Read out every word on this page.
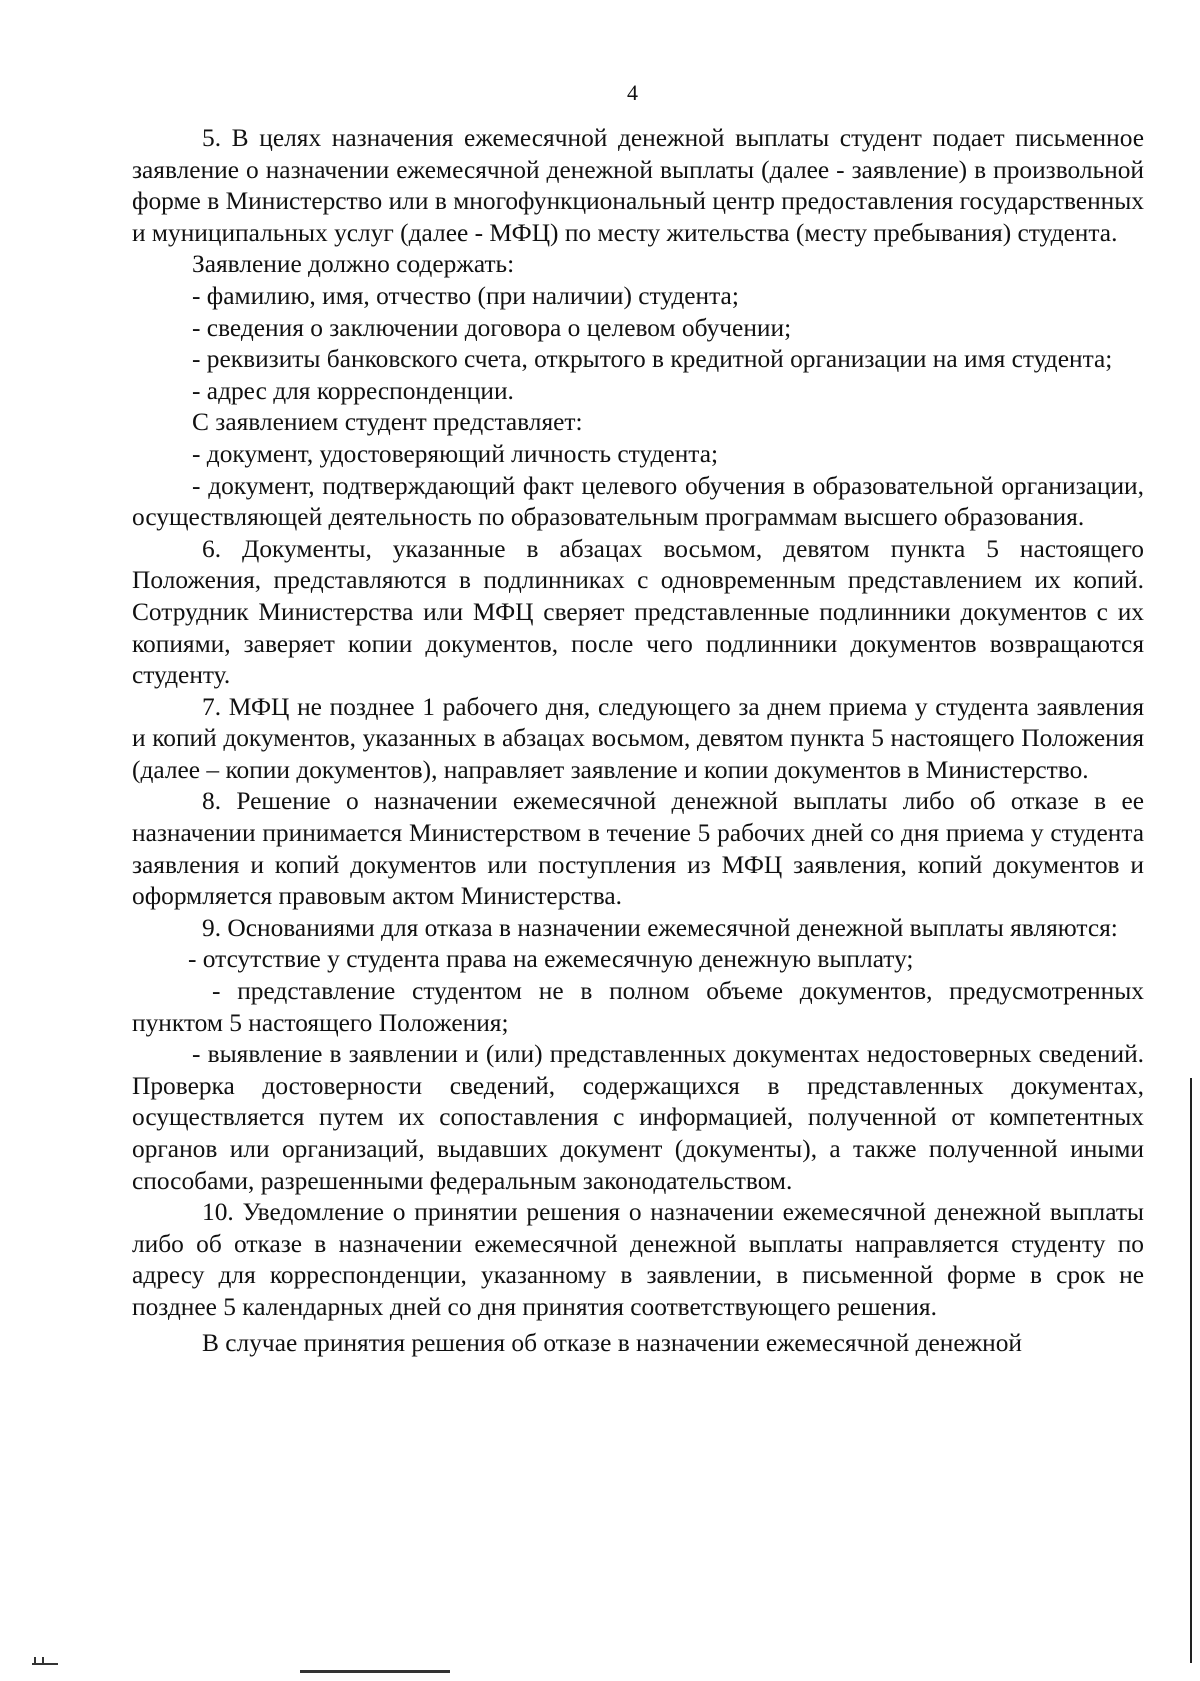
4

5. В целях назначения ежемесячной денежной выплаты студент подает письменное заявление о назначении ежемесячной денежной выплаты (далее - заявление) в произвольной форме в Министерство или в многофункциональный центр предоставления государственных и муниципальных услуг (далее - МФЦ) по месту жительства (месту пребывания) студента.

Заявление должно содержать:

- фамилию, имя, отчество (при наличии) студента;

- сведения о заключении договора о целевом обучении;

- реквизиты банковского счета, открытого в кредитной организации на имя студента;

- адрес для корреспонденции.

С заявлением студент представляет:

- документ, удостоверяющий личность студента;

- документ, подтверждающий факт целевого обучения в образовательной организации, осуществляющей деятельность по образовательным программам высшего образования.

6. Документы, указанные в абзацах восьмом, девятом пункта 5 настоящего Положения, представляются в подлинниках с одновременным представлением их копий. Сотрудник Министерства или МФЦ сверяет представленные подлинники документов с их копиями, заверяет копии документов, после чего подлинники документов возвращаются студенту.

7. МФЦ не позднее 1 рабочего дня, следующего за днем приема у студента заявления и копий документов, указанных в абзацах восьмом, девятом пункта 5 настоящего Положения (далее – копии документов), направляет заявление и копии документов в Министерство.

8. Решение о назначении ежемесячной денежной выплаты либо об отказе в ее назначении принимается Министерством в течение 5 рабочих дней со дня приема у студента заявления и копий документов или поступления из МФЦ заявления, копий документов и оформляется правовым актом Министерства.

9. Основаниями для отказа в назначении ежемесячной денежной выплаты являются:

- отсутствие у студента права на ежемесячную денежную выплату;

- представление студентом не в полном объеме документов, предусмотренных пунктом 5 настоящего Положения;

- выявление в заявлении и (или) представленных документах недостоверных сведений. Проверка достоверности сведений, содержащихся в представленных документах, осуществляется путем их сопоставления с информацией, полученной от компетентных органов или организаций, выдавших документ (документы), а также полученной иными способами, разрешенными федеральным законодательством.

10. Уведомление о принятии решения о назначении ежемесячной денежной выплаты либо об отказе в назначении ежемесячной денежной выплаты направляется студенту по адресу для корреспонденции, указанному в заявлении, в письменной форме в срок не позднее 5 календарных дней со дня принятия соответствующего решения.

В случае принятия решения об отказе в назначении ежемесячной денежной
